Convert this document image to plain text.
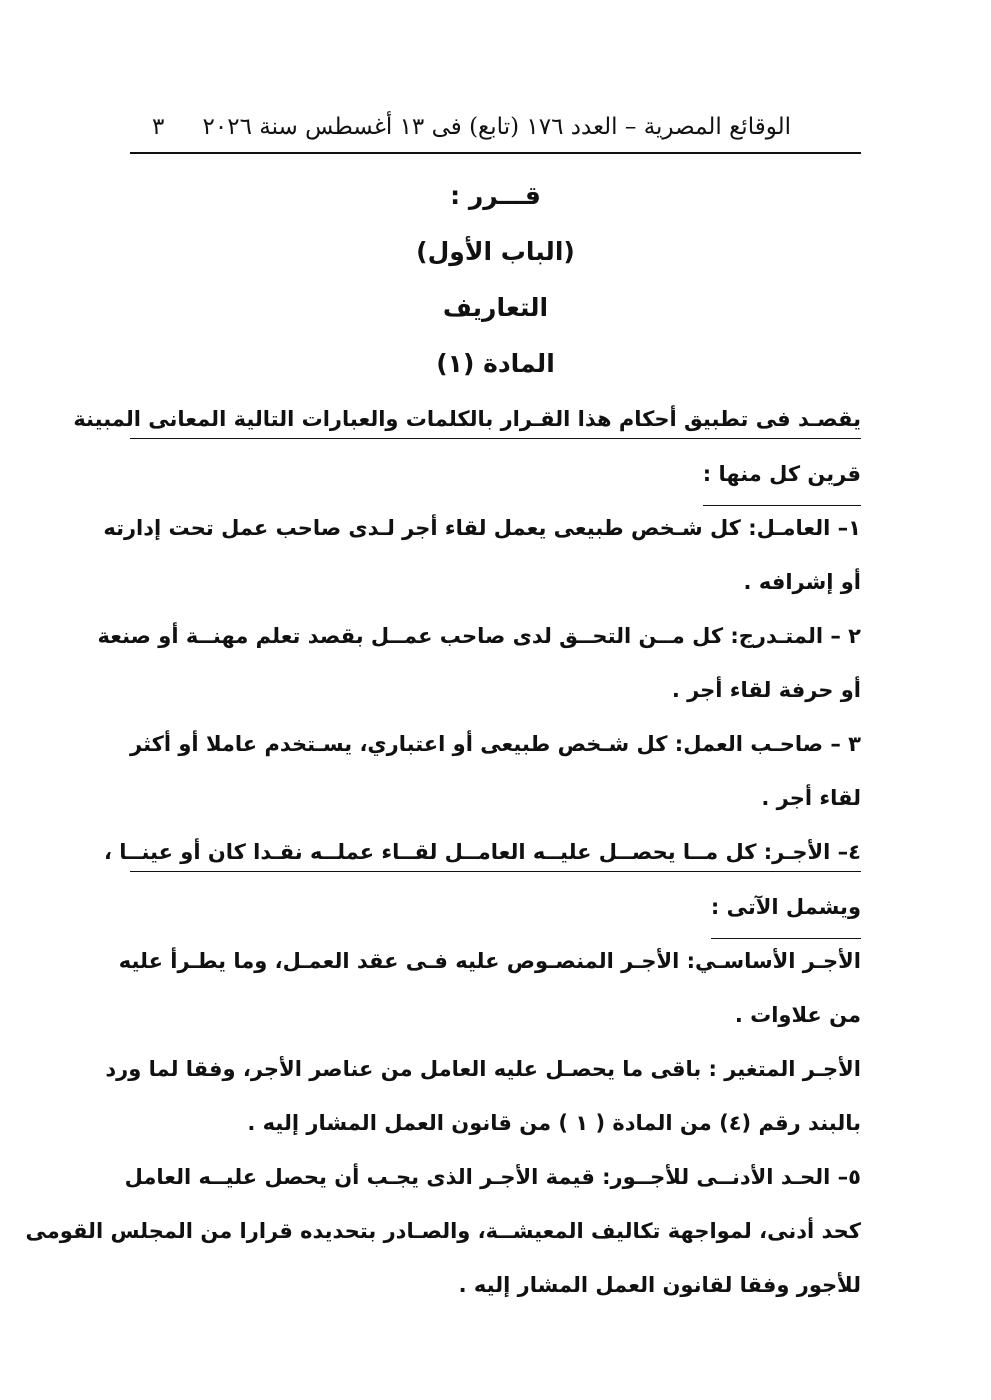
الوقائع المصرية – العدد ١٧٦ (تابع) فى ١٣ أغسطس سنة ٢٠٢٦
٣
قـــرر :
(الباب الأول)
التعاريف
المادة (١)
يقصـد فى تطبيق أحكام هذا القـرار بالكلمات والعبارات التالية المعانى المبينة
قرين كل منها :
١– العامـل: كل شـخص طبيعى يعمل لقاء أجر لـدى صاحب عمل تحت إدارته
أو إشرافه .
٢ – المتـدرج: كل مــن التحــق لدى صاحب عمــل بقصد تعلم مهنــة أو صنعة
أو حرفة لقاء أجر .
٣ – صاحـب العمل: كل شـخص طبيعى أو اعتباري، يسـتخدم عاملا أو أكثر
لقاء أجر .
٤– الأجـر: كل مــا يحصــل عليــه العامــل لقــاء عملــه نقـدا كان أو عينــا ،
ويشمل الآتى :
الأجـر الأساسـي: الأجـر المنصـوص عليه فـى عقد العمـل، وما يطـرأ عليه
من علاوات .
الأجـر المتغير : باقى ما يحصـل عليه العامل من عناصر الأجر، وفقا لما ورد
بالبند رقم (٤) من المادة ( ١ ) من قانون العمل المشار إليه .
٥– الحـد الأدنــى للأجــور: قيمة الأجـر الذى يجـب أن يحصل عليــه العامل
كحد أدنى، لمواجهة تكاليف المعيشــة، والصـادر بتحديده قرارا من المجلس القومى
للأجور وفقا لقانون العمل المشار إليه .
